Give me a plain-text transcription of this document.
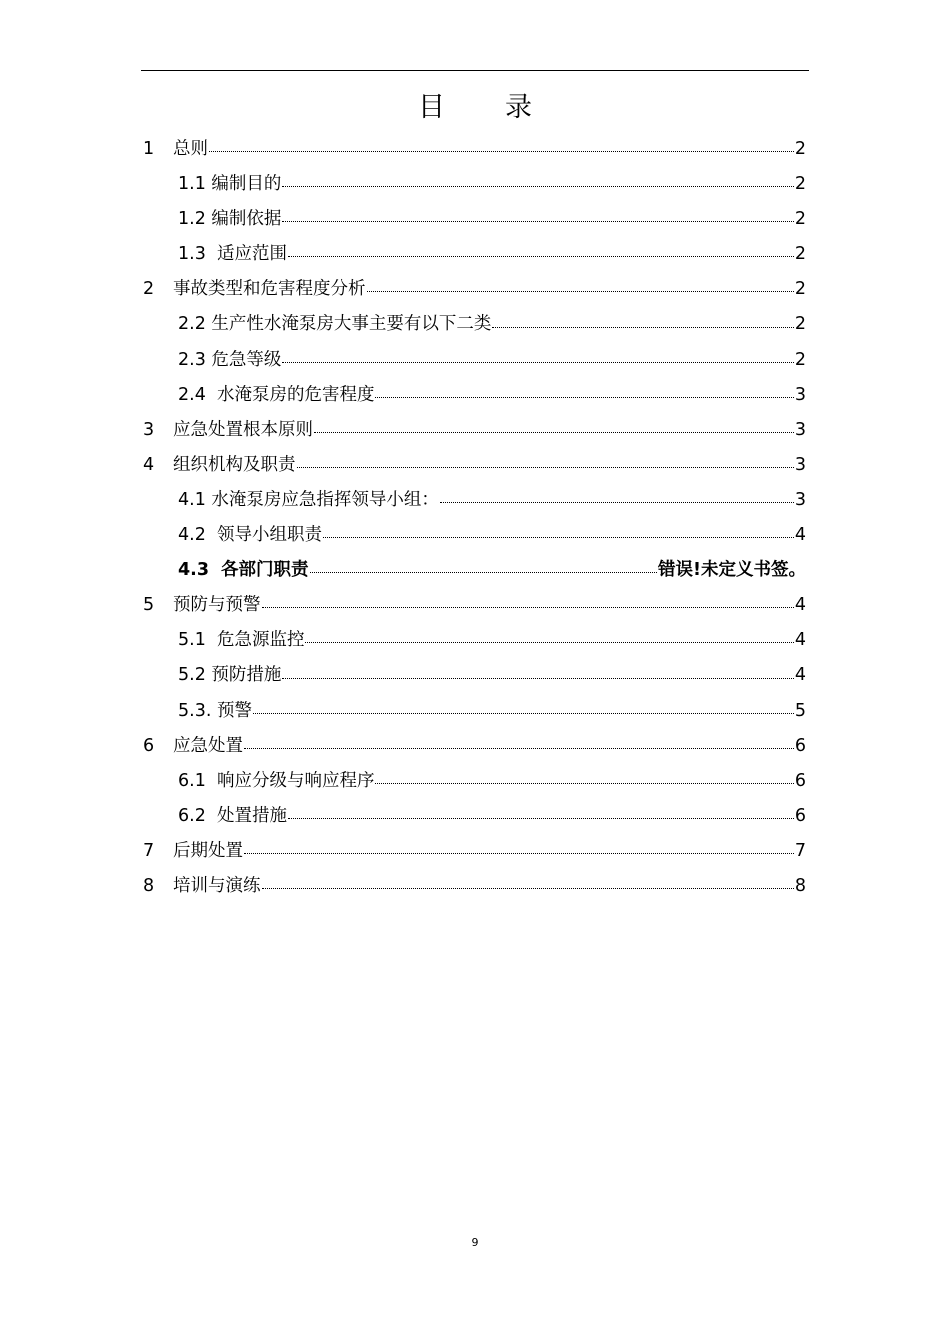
目 录
1	总则	2
1.1 编制目的	2
1.2 编制依据	2
1.3 适应范围	2
2	事故类型和危害程度分析	2
2.2 生产性水淹泵房大事主要有以下二类	2
2.3 危急等级	2
2.4 水淹泵房的危害程度	3
3	应急处置根本原则	3
4	组织机构及职责	3
4.1 水淹泵房应急指挥领导小组：	3
4.2 领导小组职责	4
4.3 各部门职责	错误!未定义书签。
5	预防与预警	4
5.1 危急源监控	4
5.2 预防措施	4
5.3. 预警	5
6	应急处置	6
6.1 响应分级与响应程序	6
6.2 处置措施	6
7	后期处置	7
8	培训与演练	8
9
